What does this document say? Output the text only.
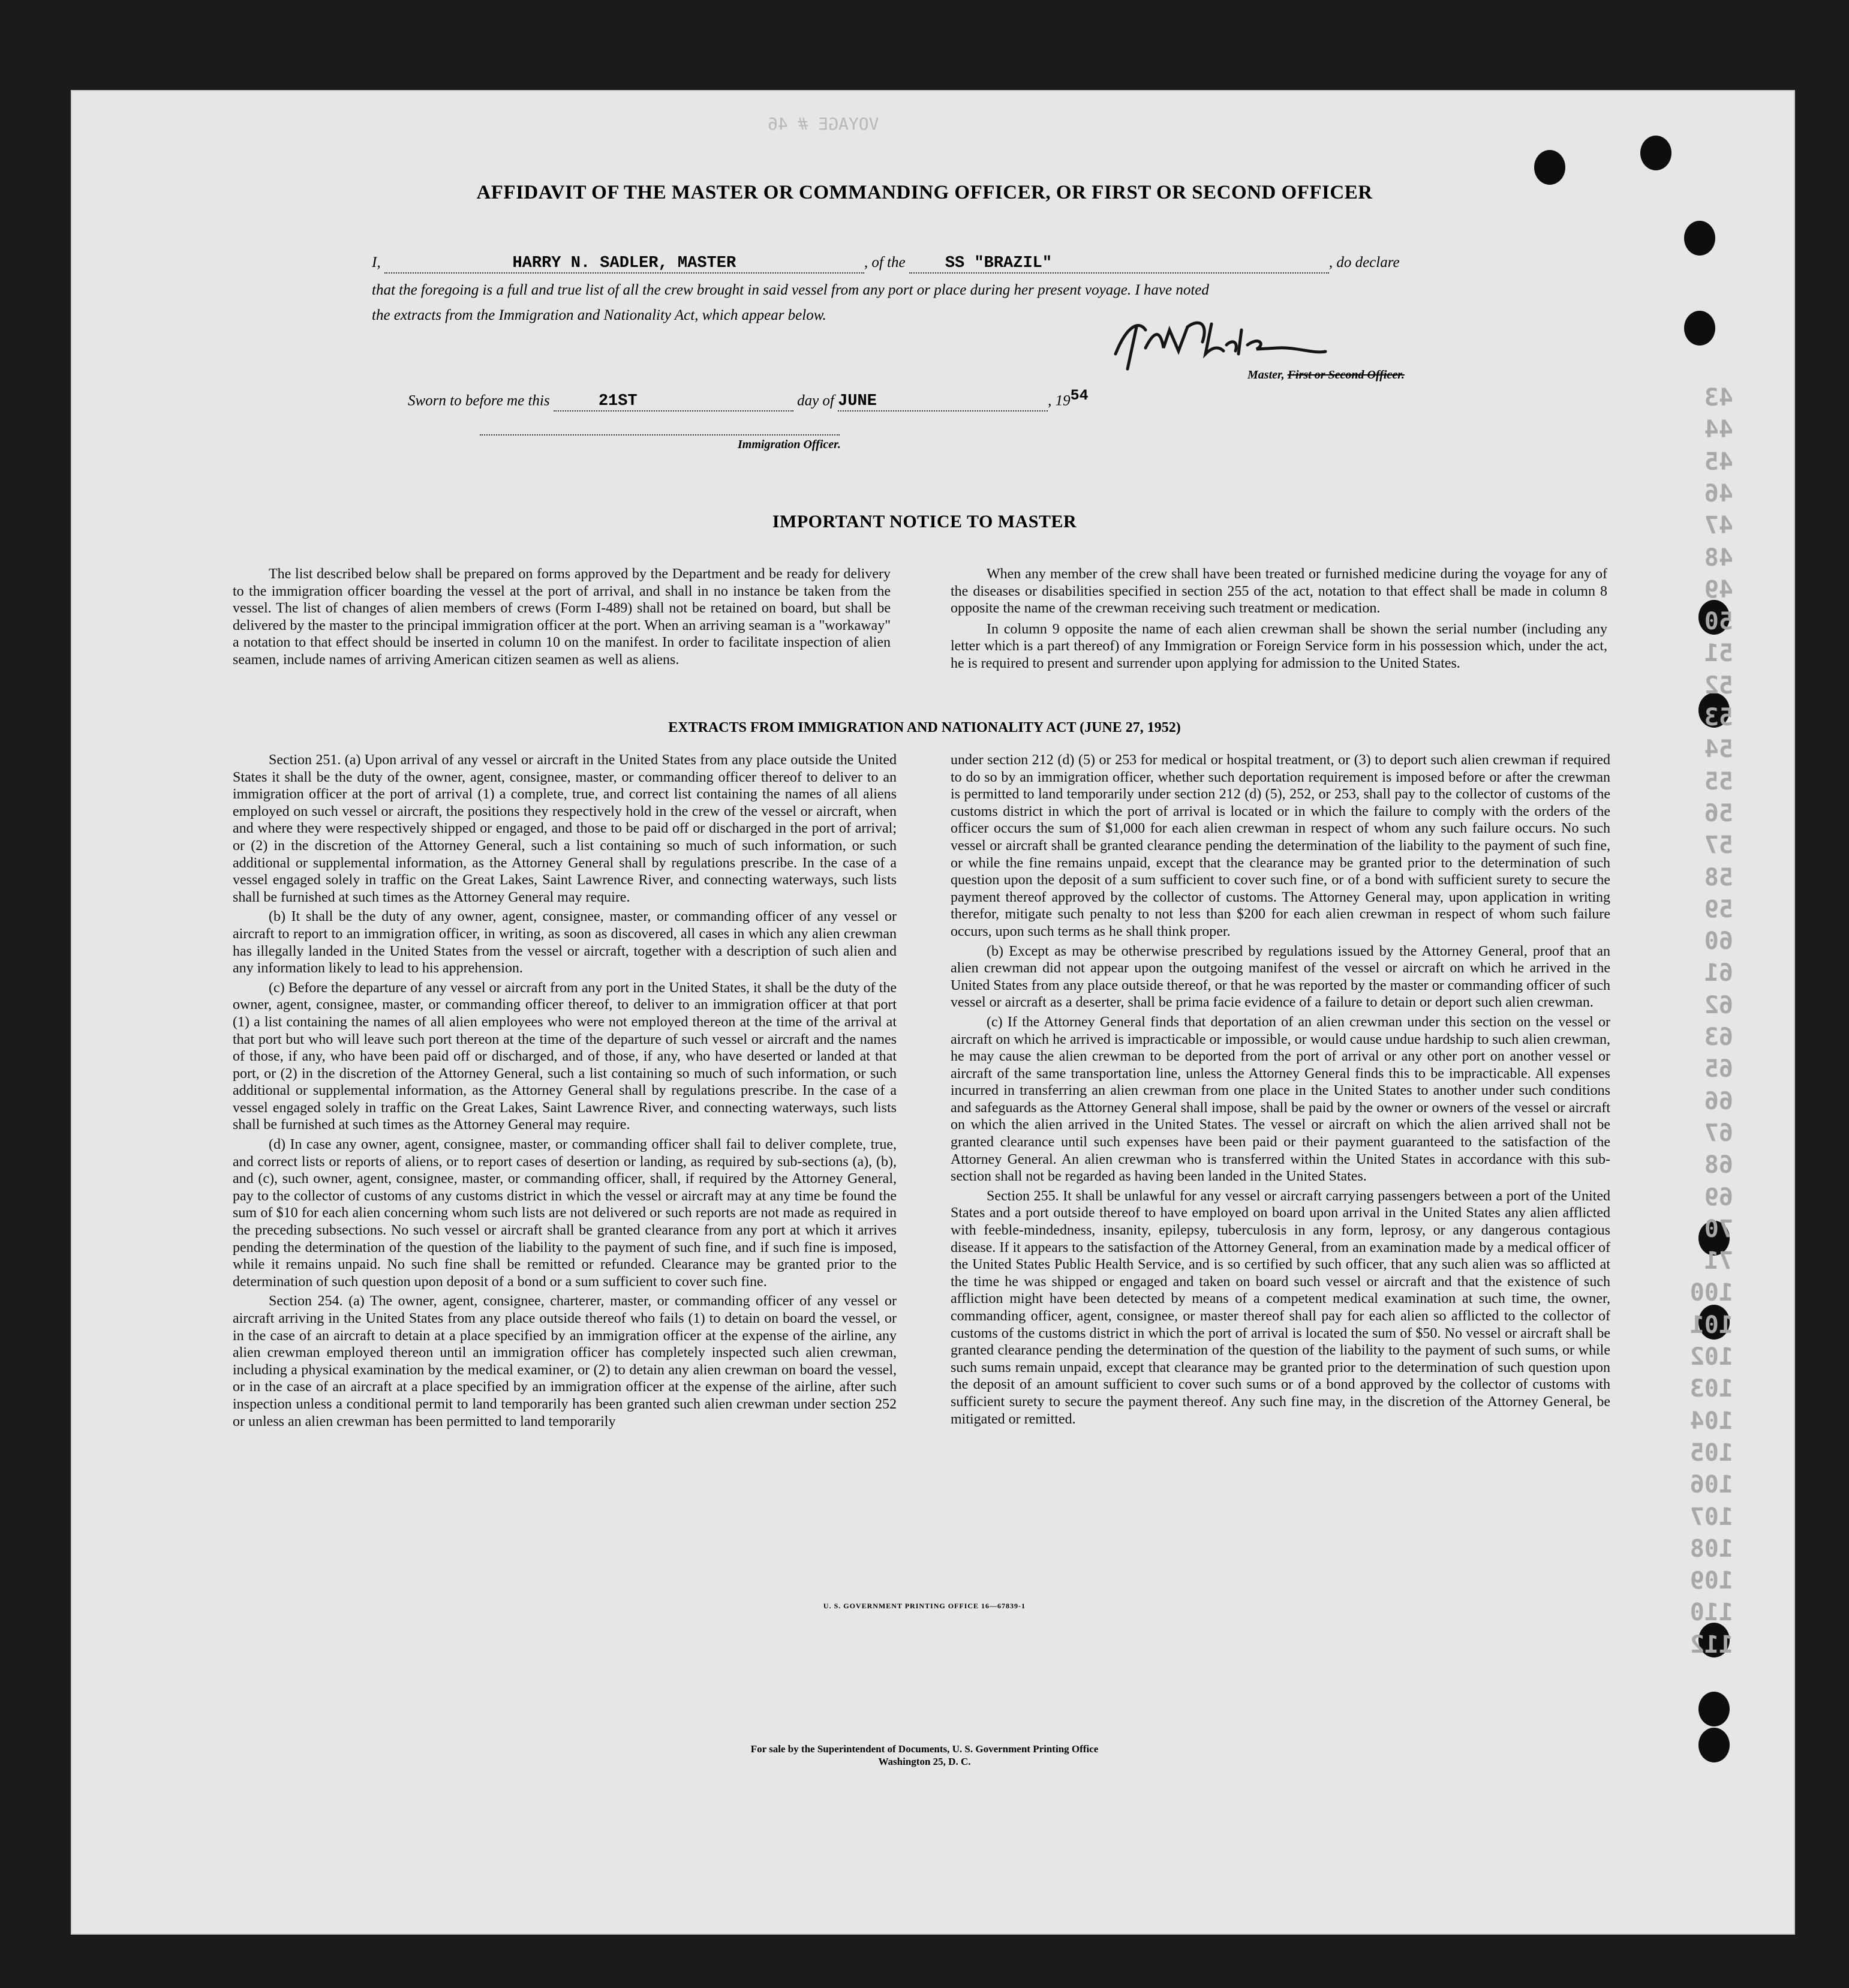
43
44
45
46
47
48
49
50
51
52
53
54
55
56
57
58
59
60
61
62
63
65
66
67
68
69
70
71
100
101
102
103
104
105
106
107
108
109
110
112
VOYAGE # 46
AFFIDAVIT OF THE MASTER OR COMMANDING OFFICER, OR FIRST OR SECOND OFFICER
I,	HARRY N. SADLER, MASTER	, of the SS "BRAZIL"	, do declare
that the foregoing is a full and true list of all the crew brought in said vessel from any port or place during her present voyage. I have noted
the extracts from the Immigration and Nationality Act, which appear below.
Master, First or Second Officer.
Sworn to before me this	21ST	day of JUNE	, 1954
Immigration Officer.
IMPORTANT NOTICE TO MASTER

The list described below shall be prepared on forms approved by the Department and be ready for delivery to the immigration officer boarding the vessel at the port of arrival, and shall in no instance be taken from the vessel. The list of changes of alien members of crews (Form I-489) shall not be retained on board, but shall be delivered by the master to the principal immigration officer at the port. When an arriving seaman is a "workaway" a notation to that effect should be inserted in column 10 on the manifest. In order to facilitate inspection of alien seamen, include names of arriving American citizen seamen as well as aliens.

When any member of the crew shall have been treated or furnished medicine during the voyage for any of the diseases or disabilities specified in section 255 of the act, notation to that effect shall be made in column 8 opposite the name of the crewman receiving such treatment or medication.

In column 9 opposite the name of each alien crewman shall be shown the serial number (including any letter which is a part thereof) of any Immigration or Foreign Service form in his possession which, under the act, he is required to present and surrender upon applying for admission to the United States.

EXTRACTS FROM IMMIGRATION AND NATIONALITY ACT (JUNE 27, 1952)

Section 251. (a) Upon arrival of any vessel or aircraft in the United States from any place outside the United States it shall be the duty of the owner, agent, consignee, master, or commanding officer thereof to deliver to an immigration officer at the port of arrival (1) a complete, true, and correct list containing the names of all aliens employed on such vessel or aircraft, the positions they respectively hold in the crew of the vessel or aircraft, when and where they were respectively shipped or engaged, and those to be paid off or discharged in the port of arrival; or (2) in the discretion of the Attorney General, such a list containing so much of such information, or such additional or supplemental information, as the Attorney General shall by regulations prescribe. In the case of a vessel engaged solely in traffic on the Great Lakes, Saint Lawrence River, and connecting waterways, such lists shall be furnished at such times as the Attorney General may require.

(b) It shall be the duty of any owner, agent, consignee, master, or commanding officer of any vessel or aircraft to report to an immigration officer, in writing, as soon as discovered, all cases in which any alien crewman has illegally landed in the United States from the vessel or aircraft, together with a description of such alien and any information likely to lead to his apprehension.

(c) Before the departure of any vessel or aircraft from any port in the United States, it shall be the duty of the owner, agent, consignee, master, or commanding officer thereof, to deliver to an immigration officer at that port (1) a list containing the names of all alien employees who were not employed thereon at the time of the arrival at that port but who will leave such port thereon at the time of the departure of such vessel or aircraft and the names of those, if any, who have been paid off or discharged, and of those, if any, who have deserted or landed at that port, or (2) in the discretion of the Attorney General, such a list containing so much of such information, or such additional or supplemental information, as the Attorney General shall by regulations prescribe. In the case of a vessel engaged solely in traffic on the Great Lakes, Saint Lawrence River, and connecting waterways, such lists shall be furnished at such times as the Attorney General may require.

(d) In case any owner, agent, consignee, master, or commanding officer shall fail to deliver complete, true, and correct lists or reports of aliens, or to report cases of desertion or landing, as required by sub-sections (a), (b), and (c), such owner, agent, consignee, master, or commanding officer, shall, if required by the Attorney General, pay to the collector of customs of any customs district in which the vessel or aircraft may at any time be found the sum of $10 for each alien concerning whom such lists are not delivered or such reports are not made as required in the preceding subsections. No such vessel or aircraft shall be granted clearance from any port at which it arrives pending the determination of the question of the liability to the payment of such fine, and if such fine is imposed, while it remains unpaid. No such fine shall be remitted or refunded. Clearance may be granted prior to the determination of such question upon deposit of a bond or a sum sufficient to cover such fine.

Section 254. (a) The owner, agent, consignee, charterer, master, or commanding officer of any vessel or aircraft arriving in the United States from any place outside thereof who fails (1) to detain on board the vessel, or in the case of an aircraft to detain at a place specified by an immigration officer at the expense of the airline, any alien crewman employed thereon until an immigration officer has completely inspected such alien crewman, including a physical examination by the medical examiner, or (2) to detain any alien crewman on board the vessel, or in the case of an aircraft at a place specified by an immigration officer at the expense of the airline, after such inspection unless a conditional permit to land temporarily has been granted such alien crewman under section 252 or unless an alien crewman has been permitted to land temporarily

under section 212 (d) (5) or 253 for medical or hospital treatment, or (3) to deport such alien crewman if required to do so by an immigration officer, whether such deportation requirement is imposed before or after the crewman is permitted to land temporarily under section 212 (d) (5), 252, or 253, shall pay to the collector of customs of the customs district in which the port of arrival is located or in which the failure to comply with the orders of the officer occurs the sum of $1,000 for each alien crewman in respect of whom any such failure occurs. No such vessel or aircraft shall be granted clearance pending the determination of the liability to the payment of such fine, or while the fine remains unpaid, except that the clearance may be granted prior to the determination of such question upon the deposit of a sum sufficient to cover such fine, or of a bond with sufficient surety to secure the payment thereof approved by the collector of customs. The Attorney General may, upon application in writing therefor, mitigate such penalty to not less than $200 for each alien crewman in respect of whom such failure occurs, upon such terms as he shall think proper.

(b) Except as may be otherwise prescribed by regulations issued by the Attorney General, proof that an alien crewman did not appear upon the outgoing manifest of the vessel or aircraft on which he arrived in the United States from any place outside thereof, or that he was reported by the master or commanding officer of such vessel or aircraft as a deserter, shall be prima facie evidence of a failure to detain or deport such alien crewman.

(c) If the Attorney General finds that deportation of an alien crewman under this section on the vessel or aircraft on which he arrived is impracticable or impossible, or would cause undue hardship to such alien crewman, he may cause the alien crewman to be deported from the port of arrival or any other port on another vessel or aircraft of the same transportation line, unless the Attorney General finds this to be impracticable. All expenses incurred in transferring an alien crewman from one place in the United States to another under such conditions and safeguards as the Attorney General shall impose, shall be paid by the owner or owners of the vessel or aircraft on which the alien arrived in the United States. The vessel or aircraft on which the alien arrived shall not be granted clearance until such expenses have been paid or their payment guaranteed to the satisfaction of the Attorney General. An alien crewman who is transferred within the United States in accordance with this sub-section shall not be regarded as having been landed in the United States.

Section 255. It shall be unlawful for any vessel or aircraft carrying passengers between a port of the United States and a port outside thereof to have employed on board upon arrival in the United States any alien afflicted with feeble-mindedness, insanity, epilepsy, tuberculosis in any form, leprosy, or any dangerous contagious disease. If it appears to the satisfaction of the Attorney General, from an examination made by a medical officer of the United States Public Health Service, and is so certified by such officer, that any such alien was so afflicted at the time he was shipped or engaged and taken on board such vessel or aircraft and that the existence of such affliction might have been detected by means of a competent medical examination at such time, the owner, commanding officer, agent, consignee, or master thereof shall pay for each alien so afflicted to the collector of customs of the customs district in which the port of arrival is located the sum of $50. No vessel or aircraft shall be granted clearance pending the determination of the question of the liability to the payment of such sums, or while such sums remain unpaid, except that clearance may be granted prior to the determination of such question upon the deposit of an amount sufficient to cover such sums or of a bond approved by the collector of customs with sufficient surety to secure the payment thereof. Any such fine may, in the discretion of the Attorney General, be mitigated or remitted.

U. S. GOVERNMENT PRINTING OFFICE 16—67839-1
For sale by the Superintendent of Documents, U. S. Government Printing Office
Washington 25, D. C.
